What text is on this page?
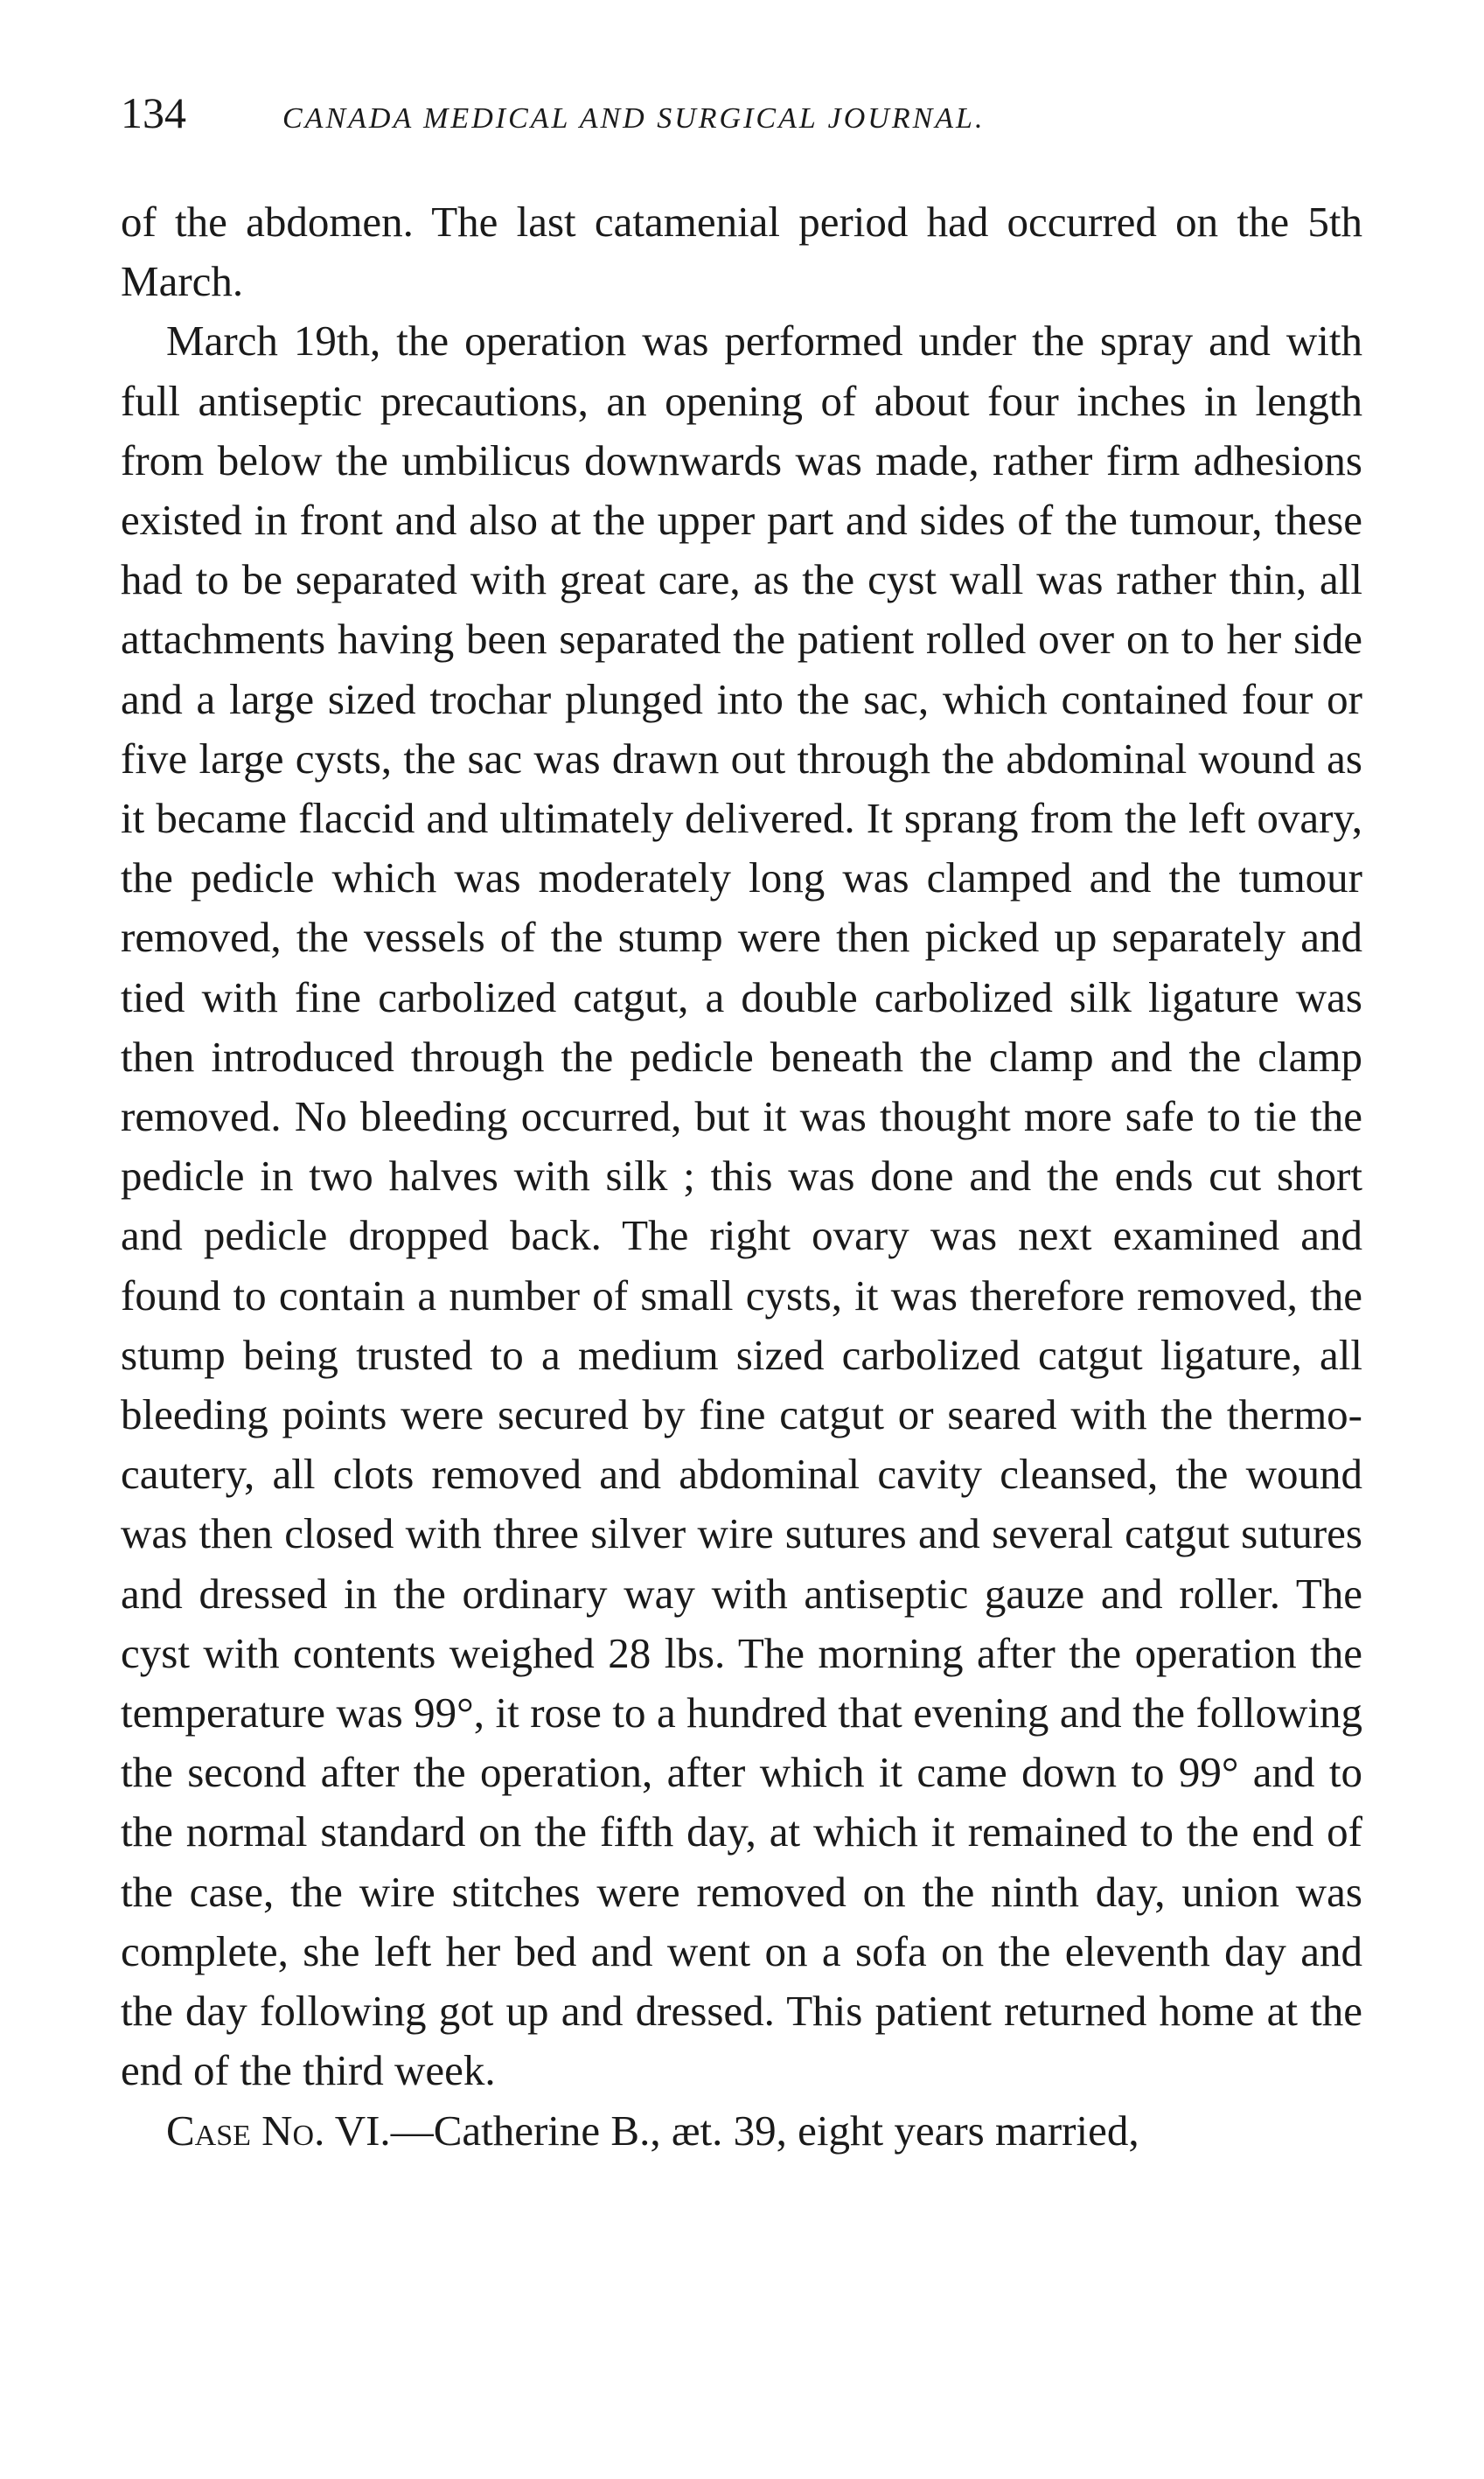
134	CANADA MEDICAL AND SURGICAL JOURNAL.

of the abdomen. The last catamenial period had occurred on the 5th March.

March 19th, the operation was performed under the spray and with full antiseptic precautions, an opening of about four inches in length from below the umbilicus downwards was made, rather firm adhesions existed in front and also at the upper part and sides of the tumour, these had to be separated with great care, as the cyst wall was rather thin, all attachments having been separated the patient rolled over on to her side and a large sized trochar plunged into the sac, which contained four or five large cysts, the sac was drawn out through the abdominal wound as it became flaccid and ultimately delivered. It sprang from the left ovary, the pedicle which was moderately long was clamped and the tumour removed, the vessels of the stump were then picked up separately and tied with fine carbolized catgut, a double carbolized silk ligature was then introduced through the pedicle beneath the clamp and the clamp removed. No bleeding occurred, but it was thought more safe to tie the pedicle in two halves with silk ; this was done and the ends cut short and pedicle dropped back. The right ovary was next examined and found to contain a number of small cysts, it was therefore removed, the stump being trusted to a medium sized carbolized catgut ligature, all bleeding points were secured by fine catgut or seared with the thermo-cautery, all clots removed and abdominal cavity cleansed, the wound was then closed with three silver wire sutures and several catgut sutures and dressed in the ordinary way with antiseptic gauze and roller. The cyst with contents weighed 28 lbs. The morning after the operation the temperature was 99°, it rose to a hundred that evening and the following the second after the operation, after which it came down to 99° and to the normal standard on the fifth day, at which it remained to the end of the case, the wire stitches were removed on the ninth day, union was complete, she left her bed and went on a sofa on the eleventh day and the day following got up and dressed. This patient returned home at the end of the third week.

Case No. VI.—Catherine B., æt. 39, eight years married,
